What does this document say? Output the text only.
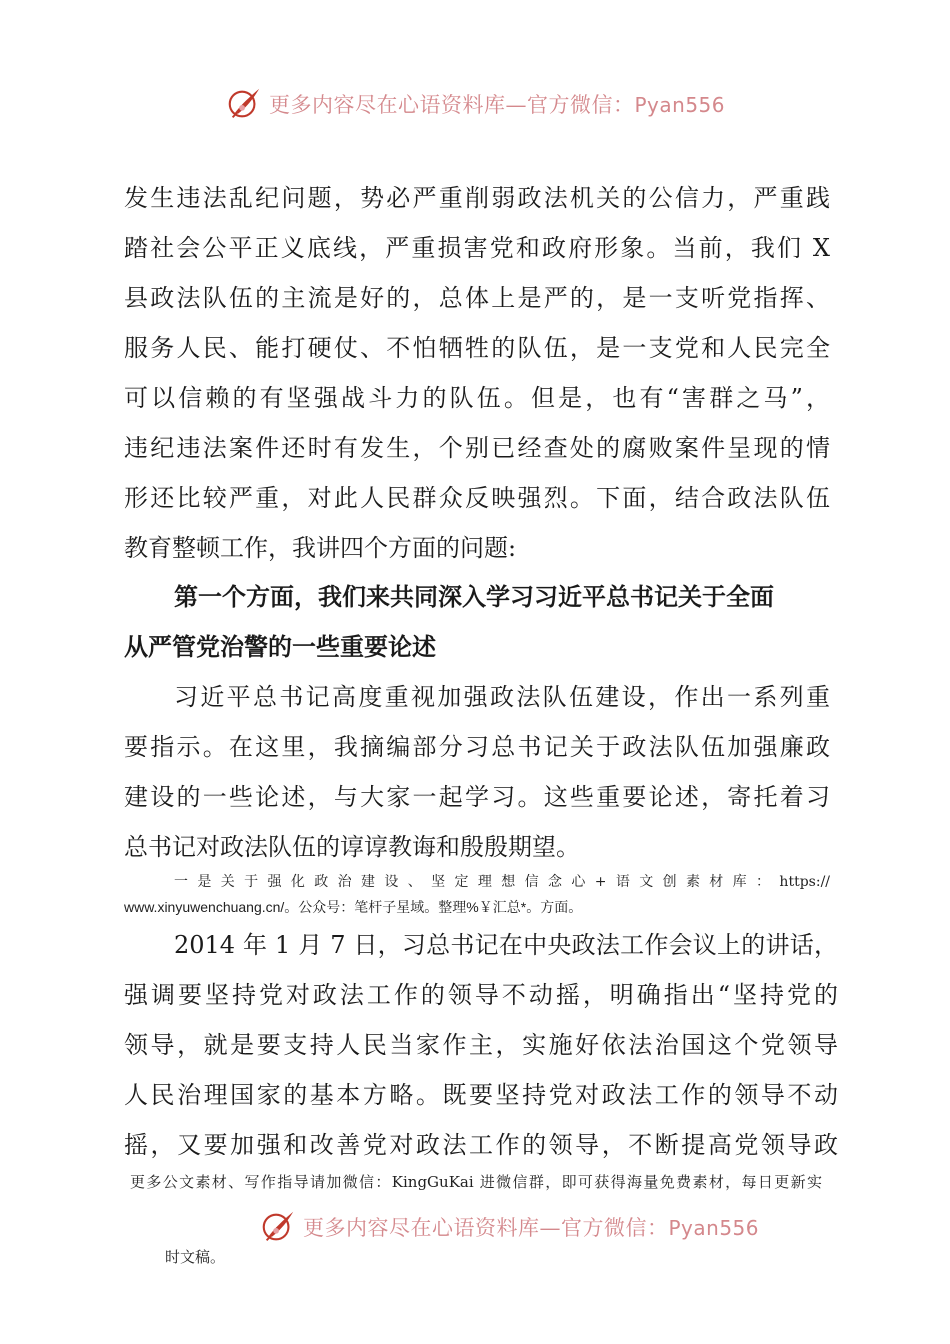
更多内容尽在心语资料库—官方微信：Pyan556
发生违法乱纪问题，势必严重削弱政法机关的公信力，严重践
踏社会公平正义底线，严重损害党和政府形象。当前，我们 X
县政法队伍的主流是好的，总体上是严的，是一支听党指挥、
服务人民、能打硬仗、不怕牺牲的队伍，是一支党和人民完全
可以信赖的有坚强战斗力的队伍。但是，也有“害群之马”，
违纪违法案件还时有发生，个别已经查处的腐败案件呈现的情
形还比较严重，对此人民群众反映强烈。下面，结合政法队伍
教育整顿工作，我讲四个方面的问题:
第一个方面，我们来共同深入学习习近平总书记关于全面
从严管党治警的一些重要论述
习近平总书记高度重视加强政法队伍建设，作出一系列重
要指示。在这里，我摘编部分习总书记关于政法队伍加强廉政
建设的一些论述，与大家一起学习。这些重要论述，寄托着习
总书记对政法队伍的谆谆教诲和殷殷期望。
一是关于强化政治建设、坚定理想信念心+语文创素材库：https://
www.xinyuwenchuang.cn/。公众号：笔杆子星域。整理%￥汇总*。方面。
2014 年 1 月 7 日，习总书记在中央政法工作会议上的讲话，
强调要坚持党对政法工作的领导不动摇，明确指出“坚持党的
领导，就是要支持人民当家作主，实施好依法治国这个党领导
人民治理国家的基本方略。既要坚持党对政法工作的领导不动
摇，又要加强和改善党对政法工作的领导，不断提高党领导政
更多公文素材、写作指导请加微信：KingGuKai 进微信群，即可获得海量免费素材，每日更新实
更多内容尽在心语资料库—官方微信：Pyan556
时文稿。
